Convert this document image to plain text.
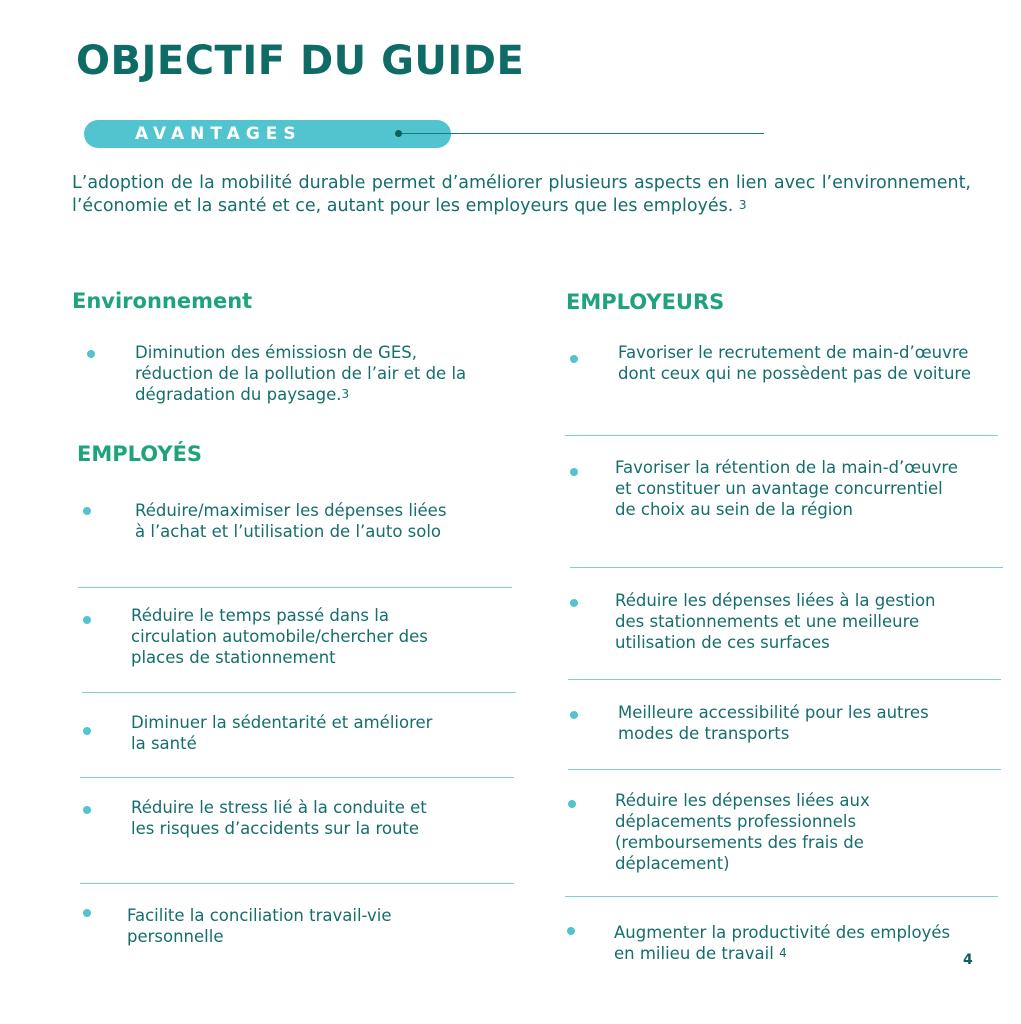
OBJECTIF DU GUIDE
AVANTAGES

L’adoption de la mobilité durable permet d’améliorer plusieurs aspects en lien avec l’environnement, l’économie et la santé et ce, autant pour les employeurs que les employés. $^3$

Environnement

Diminution des émissiosn de GES, réduction de la pollution de l’air et de la dégradation du paysage.$^3$

EMPLOYÉS

Réduire/maximiser les dépenses liées à l’achat et l’utilisation de l’auto solo

Réduire le temps passé dans la circulation automobile/chercher des places de stationnement

Diminuer la sédentarité et améliorer la santé

Réduire le stress lié à la conduite et les risques d’accidents sur la route

Facilite la conciliation travail-vie personnelle

EMPLOYEURS

Favoriser le recrutement de main-d’œuvre dont ceux qui ne possèdent pas de voiture

Favoriser la rétention de la main-d’œuvre et constituer un avantage concurrentiel de choix au sein de la région

Réduire les dépenses liées à la gestion des stationnements et une meilleure utilisation de ces surfaces

Meilleure accessibilité pour les autres modes de transports

Réduire les dépenses liées aux déplacements professionnels (remboursements des frais de déplacement)

Augmenter la productivité des employés en milieu de travail $^4$	4
